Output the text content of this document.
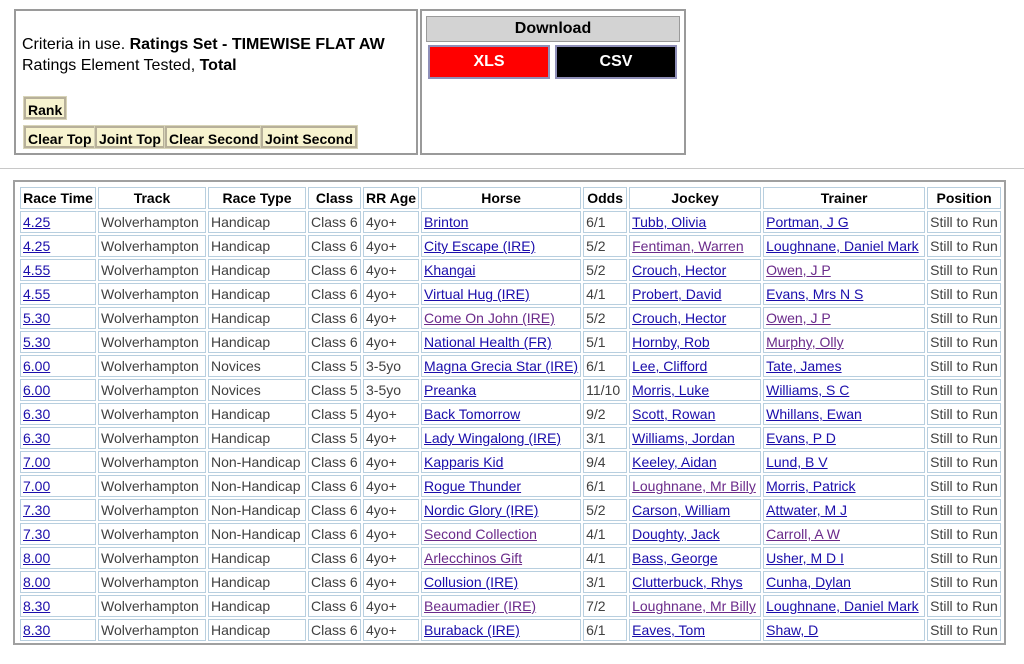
Criteria in use. Ratings Set - TIMEWISE FLAT AW
Ratings Element Tested, Total
Rank
Clear Top Joint Top Clear Second Joint Second
Download
XLS	CSV
Race Time	Track	Race Type	Class	RR Age	Horse	Odds	Jockey	Trainer	Position
4.25	Wolverhampton	Handicap	Class 6	4yo+	Brinton	6/1	Tubb, Olivia	Portman, J G	Still to Run
4.25	Wolverhampton	Handicap	Class 6	4yo+	City Escape (IRE)	5/2	Fentiman, Warren	Loughnane, Daniel Mark	Still to Run
4.55	Wolverhampton	Handicap	Class 6	4yo+	Khangai	5/2	Crouch, Hector	Owen, J P	Still to Run
4.55	Wolverhampton	Handicap	Class 6	4yo+	Virtual Hug (IRE)	4/1	Probert, David	Evans, Mrs N S	Still to Run
5.30	Wolverhampton	Handicap	Class 6	4yo+	Come On John (IRE)	5/2	Crouch, Hector	Owen, J P	Still to Run
5.30	Wolverhampton	Handicap	Class 6	4yo+	National Health (FR)	5/1	Hornby, Rob	Murphy, Olly	Still to Run
6.00	Wolverhampton	Novices	Class 5	3-5yo	Magna Grecia Star (IRE)	6/1	Lee, Clifford	Tate, James	Still to Run
6.00	Wolverhampton	Novices	Class 5	3-5yo	Preanka	11/10	Morris, Luke	Williams, S C	Still to Run
6.30	Wolverhampton	Handicap	Class 5	4yo+	Back Tomorrow	9/2	Scott, Rowan	Whillans, Ewan	Still to Run
6.30	Wolverhampton	Handicap	Class 5	4yo+	Lady Wingalong (IRE)	3/1	Williams, Jordan	Evans, P D	Still to Run
7.00	Wolverhampton	Non-Handicap	Class 6	4yo+	Kapparis Kid	9/4	Keeley, Aidan	Lund, B V	Still to Run
7.00	Wolverhampton	Non-Handicap	Class 6	4yo+	Rogue Thunder	6/1	Loughnane, Mr Billy	Morris, Patrick	Still to Run
7.30	Wolverhampton	Non-Handicap	Class 6	4yo+	Nordic Glory (IRE)	5/2	Carson, William	Attwater, M J	Still to Run
7.30	Wolverhampton	Non-Handicap	Class 6	4yo+	Second Collection	4/1	Doughty, Jack	Carroll, A W	Still to Run
8.00	Wolverhampton	Handicap	Class 6	4yo+	Arlecchinos Gift	4/1	Bass, George	Usher, M D I	Still to Run
8.00	Wolverhampton	Handicap	Class 6	4yo+	Collusion (IRE)	3/1	Clutterbuck, Rhys	Cunha, Dylan	Still to Run
8.30	Wolverhampton	Handicap	Class 6	4yo+	Beaumadier (IRE)	7/2	Loughnane, Mr Billy	Loughnane, Daniel Mark	Still to Run
8.30	Wolverhampton	Handicap	Class 6	4yo+	Buraback (IRE)	6/1	Eaves, Tom	Shaw, D	Still to Run
